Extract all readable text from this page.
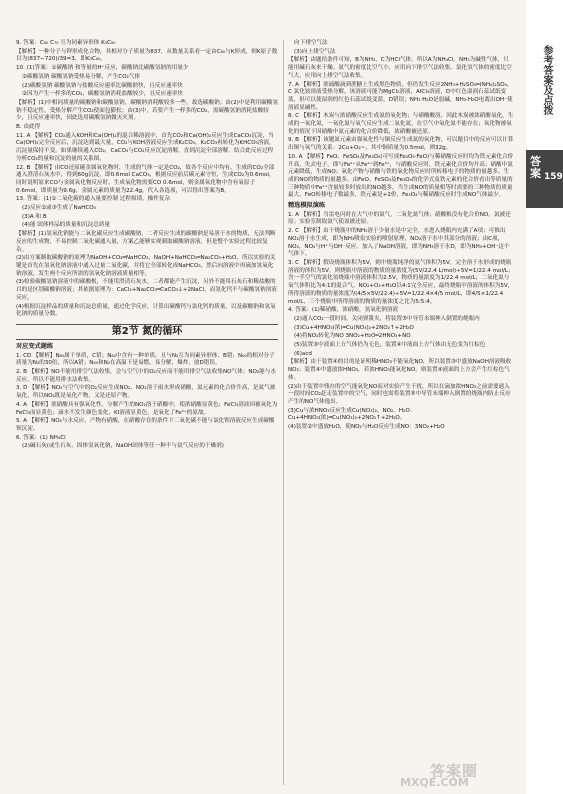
9. 答案：C₆₀ C₇₀ 互为同素异形体 K₃C₆₀

【解析】一种分子与钾形成化合物，其相对分子质量为837，从数量关系看一定由C₆₀与K形成，则K原子数目为(837−720)/39=3，即K₃C₆₀。

10. (1)答案：①碳酸钠 和等量的H⁺反应，碳酸钠比碳酸氢钠的用量少

②碳酸氢钠 碳酸氢钠受热易分解，产生CO₂气体

(2)碳酸氢钠 碳酸氢钠与盐酸反应速率比碳酸钠快，且反应速率快

②因为产生一样多的CO₂，碳酸氢钠消耗盐酸较少，且反应速率快

【解析】(1)中相同质量的碳酸钠和碳酸氢钠，碳酸钠消耗酸较多一些，故选碳酸钠；由(2)中是利用碳酸氢钠不稳定性，受热分解产生CO₂使面包膨松；由(3)中，若要产生一样多的CO₂，需碳酸氢钠消耗盐酸较少，且反应速率快，因此选用碳酸氢钠做灭火剂。

B. 由此得

11. A 【解析】CO₂通入KOH和Ca(OH)₂的混合稀溶液中，首先CO₂和Ca(OH)₂反应生成CaCO₃沉淀，当Ca(OH)₂完全反应后，沉淀达到最大量，CO₂与KOH溶液反应生成K₂CO₃，K₂CO₃再转化为KHCO₃溶液，沉淀量保持不变，如果继续通入CO₂，CaCO₃与CO₂反应沉淀溶解，直到沉淀全部溶解。结合此反应过程分析CO₂的量和沉淀的量的关系图。

12. B 【解析】由CO还原碳金属氧化物时，生成的气体一定是CO₂，故各个反应中均有，生成的CO₂全部通入澄清石灰水中，得到60g沉淀，即0.6mol CaCO₃，根据反应前后碳元素守恒，生成CO₂为0.6mol，同时说明原来CO与金属氧化物反应时，生成氧化物需要CO 0.6mol，则金属氧化物中含有氧原子0.6mol，即质量为9.6g，金属元素的质量为22.4g，代入各选项，可以得出答案为B。

13. 答案：(1)①二氧化碳的通入量要控制 过程烦琐，操作复杂

(2)反应②或③生成了NaHCO₃

(3)A 和 B

(4)能 固体样品的质量和沉淀总质量

【解析】(1)氢氧化钠能与二氧化碳反应生成碳酸钠，二者反应生成的碳酸钠是易溶于水的物质，无法判断反应的生成物，不易控制二氧化碳通入量，方案乙能够实现制取碳酸钠溶液，但是整个实验过程比较复杂。

(2)由方案制取碳酸钠的原理为NaOH+CO₂═NaHCO₃，NaOH+NaHCO₃═Na₂CO₃+H₂O，所以实验的关键是首先在氢氧化钠溶液中通入过量二氧化碳，并将它全部转化成NaHCO₃，然后向溶液中再滴加氢氧化钠溶液，发生两个反应所需的氢氧化钠溶液质量相等。

(3)检验碳酸氢钠溶液中的碳酸根，不能用澄清石灰水，二者都能产生沉淀，另外不能用石灰石和稀盐酸的目的是区别碳酸钠溶液；其依据原理为：CaCl₂+Na₂CO₃═CaCO₃↓+2NaCl，而氢化钙不与碳酸氢钠溶液反应。

(4)根据沉淀样品的质量和沉淀总质量，通过化学反应，计算出碳酸钙与氯化钙的质量，以及碳酸钠和氢氧化钠的质量分数。

第2节 氮的循环
对应变式题练

1. CD 【解析】N₆₀属于单质，C错；N₆₀中含有一种单质，且与N₂互为同素异形体，B错；N₆₀的相对分子质量为N₂的30倍，所以A错；N₆₀和N₂在高温下是易燃，易分解，爆炸，放D错误。

2. B 【解析】NO不能用排空气法收集，会与空气中的O₂反应而不能用排空气法收集NO气体；NO₂能与水反应，所以不能用排水法收集。

3. D 【解析】NO₂与空气中的O₂反应生成NO₂，NO₂溶于雨水形成硝酸，氮元素的化合价升高，是氮气被氧化，所以NO₂既是氧化产物，又是还原产物。

4. A 【解析】浓硝酸具有强氧化性，分解产生的NO₂溶于硝酸中，使浓硝酸显黄色；FeCl₃溶液因被氧化为FeCl₃而显黄色；滴水不发生颜色变化，KI溶液显黄色，是氧化了Fe²⁺的原故。

5. A 【解析】NO₂与水反应，产物有硝酸，在硝酸存在的条件下二氧化碳不能与氯化钡溶液反应生成碳酸钡沉淀。

6. 答案：(1) NH₄Cl

(2)碱石灰(或生石灰、固体氢氧化钠，NaOH固体等任一种不与氨气反应的干燥剂)

向下排空气法

(3)向上排空气法

【解析】由题给条件可知，B为NH₃，C为HCl气体，所以A为NH₄Cl。NH₃为碱性气体，只能用碱石灰来干燥。氨气的密度比空气小，应用向下排空气法收集。氯化氢气体的密度比空气大，应用向上排空气法收集。

7. A 【解析】浓硫酸滴到蔗糖上生成黑色物质，但仍发生反应2NH₃+H₂SO₄═(NH₄)₂SO₄，C 氯化铵溶液受热分解，该溶液可能为MgCl₂溶液，AlCl₃溶液，D中红色湿润石蕊试纸变蓝，但可以使湿润的红色石蕊试纸变蓝，D错误；NH₃·H₂O是弱碱，NH₃·H₂O电离出OH⁻使溶液显碱性。

8. C 【解析】木炭与浓硝酸反应生成氮的氧化物；与硝酸酸溶，因此木炭被浓硝酸氧化，生成的一氧化氮，一氧化氮与氧气反应生成二氧化氮，在空气中氧化氮不能存在；氧化物被氧化的情况下因硝酸中氮元素的化合价降低，浓硝酸被还原。

9. B 【解析】该题氮元素由强氧化性与铜反应生成氮的氧化物，可以题目中的反应可以计算出铜与氧气的关系：2Cu+O₂~，其中铜质量为0.5mol，则32g。

10. A 【解析】FeO、FeSO₄及Fe₃O₄(可写成Fe₂O₃·FeO)与稀硝酸反应时均为铁元素化合价升高，失去电子，即与Fe²⁺从Fe²⁺到Fe³⁺，与硝酸反应时，铁元素化合价均升高；硝酸中氮元素降低，生成NO；氧化产物与硝酸与铁的氧化物反应时所转移电子的物质的量越多，生成的NO的物质的量越多。由FeO、FeSO₄及Fe₃O₄的化学式及铁元素的化合价看出等质量的三种物质中Fe²⁺含量较多时放出的NO越多，当生成NO的质量相等时需要的三种物质的质量最大，FeO转移电子数最多，铁元素是+2价，Fe₃O₄与稀硝酸反应时生成NO气体最少。

精选模拟演练

1. A 【解析】当雷电闪时在大气中的氮气，二氧化氮气体；硝酸根没有化合价NO，氮被还原；实验室制取氨气使氮被还原。

2. C 【解析】由于烧瓶中的NH₃溶于少量水是中完全，水进入烧瓶内充满了A项；可推出NO₂溶于水生成，即为NH₃喷泉实验的喷射原理，NO₂溶于水中其部分的溶液；由C项，NO₂，NO₂与H⁺与OH⁻反应，加入了NaOH溶液，即为NH₃溶于水D，即为NH₃+OH⁻这个气体下。

3. C 【解析】假设烧瓶体积为5V，则中烧瓶纯净的氨气体积为5V，完全溶于水形成的烧瓶溶液的体积为5V，则烧瓶中溶液的物质的量浓度为(5V/22.4 L/mol)÷5V=1/22.4 mol/L；含一半空气的氯化氢烧瓶中溶液体积为2.5V，物质的量浓度为1/22.4 mol/L；二氧化氮与氧气体积比为4:1的混合气，NO₂+O₂+H₂O以4:1完全反应，最终烧瓶中溶液的体积为5V，所得溶液的物质的量浓度为(4/5×5V/22.4)÷5V=1/22.4×4/5 mol/L，即4/5×1/22.4 mol/L，三个烧瓶中所得溶液的物质的量浓度之比为5:5:4。

4. 答案：(1)稀硝酸，浓硝酸，氢氧化钠溶液

(2)通入CO₂一段时间，关闭弹簧夹，将装置⑤中导管末端伸入倒置的烧瓶内

(3)Cu+4HNO₃(浓)═Cu(NO₃)₂+2NO₂↑+2H₂O

(4)将NO₂转化为NO 3NO₂+H₂O═2HNO₃+NO

(5)装置③中液面上方气体仍为无色，装置④中液面上方气体由无色变为红棕色

(6)acd

【解析】由于装置④的目的是证明稀HNO₃不能氧化NO，所以装置③中盛放NaOH溶液吸收NO₂；装置④中盛放浓HNO₃，若浓HNO₃能氧化NO，则装置④液面的上方会产生红棕色气体。

(2)由于装置中残存的空气能氧化NO而对实验产生干扰，所以在滴加浓HNO₃之前需要通入一段时间CO₂赶走装置中的空气，同时也需将装置⑤中导管末端伸入倒置的烧瓶内防止反应产生的NO气体逸出。

(3)Cu与浓HNO₃反应生成Cu(NO₃)₂、NO₂、H₂O：Cu+4HNO₃(浓)═Cu(NO₃)₂+2NO₂↑+2H₂O。

(4)装置②中盛放H₂O，使NO₂与H₂O反应生成NO：3NO₂+H₂O

参考答案及点拨
答案 159
答案圈
MXQE.COM
